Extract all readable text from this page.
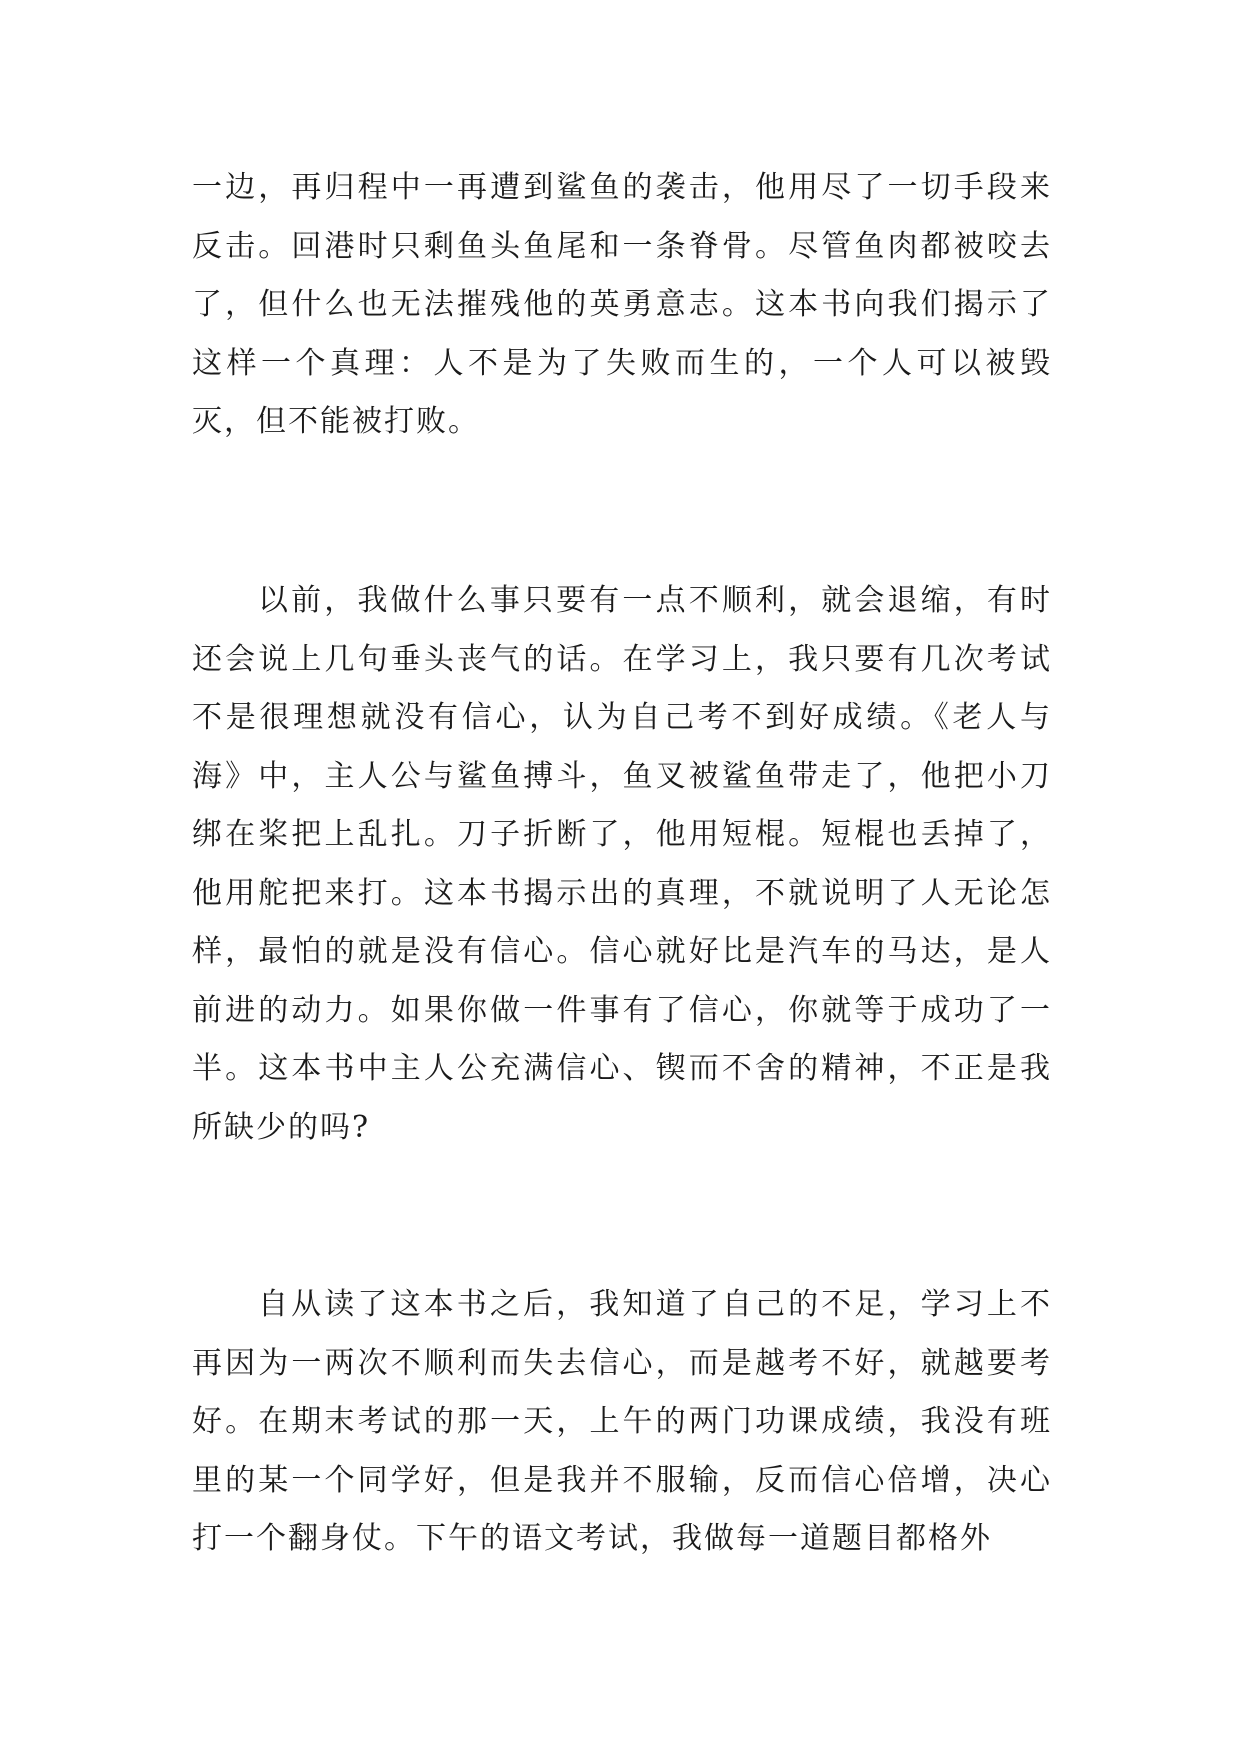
一边，再归程中一再遭到鲨鱼的袭击，他用尽了一切手段来反击。回港时只剩鱼头鱼尾和一条脊骨。尽管鱼肉都被咬去了，但什么也无法摧残他的英勇意志。这本书向我们揭示了这样一个真理：人不是为了失败而生的，一个人可以被毁灭，但不能被打败。

以前，我做什么事只要有一点不顺利，就会退缩，有时还会说上几句垂头丧气的话。在学习上，我只要有几次考试不是很理想就没有信心，认为自己考不到好成绩。《老人与海》中，主人公与鲨鱼搏斗，鱼叉被鲨鱼带走了，他把小刀绑在桨把上乱扎。刀子折断了，他用短棍。短棍也丢掉了，他用舵把来打。这本书揭示出的真理，不就说明了人无论怎样，最怕的就是没有信心。信心就好比是汽车的马达，是人前进的动力。如果你做一件事有了信心，你就等于成功了一半。这本书中主人公充满信心、锲而不舍的精神，不正是我所缺少的吗?

自从读了这本书之后，我知道了自己的不足，学习上不再因为一两次不顺利而失去信心，而是越考不好，就越要考好。在期末考试的那一天，上午的两门功课成绩，我没有班里的某一个同学好，但是我并不服输，反而信心倍增，决心打一个翻身仗。下午的语文考试，我做每一道题目都格外
